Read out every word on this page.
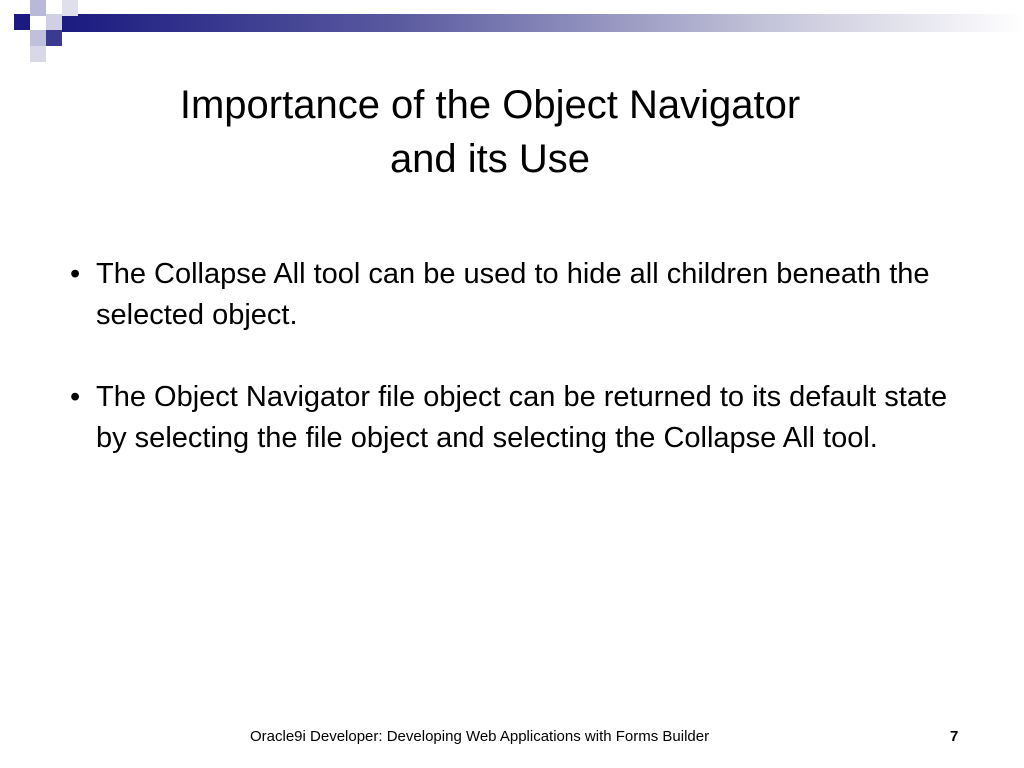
Importance of the Object Navigator
and its Use
• The Collapse All tool can be used to hide all children beneath the selected object.
• The Object Navigator file object can be returned to its default state by selecting the file object and selecting the Collapse All tool.
Oracle9i Developer: Developing Web Applications with Forms Builder	7
